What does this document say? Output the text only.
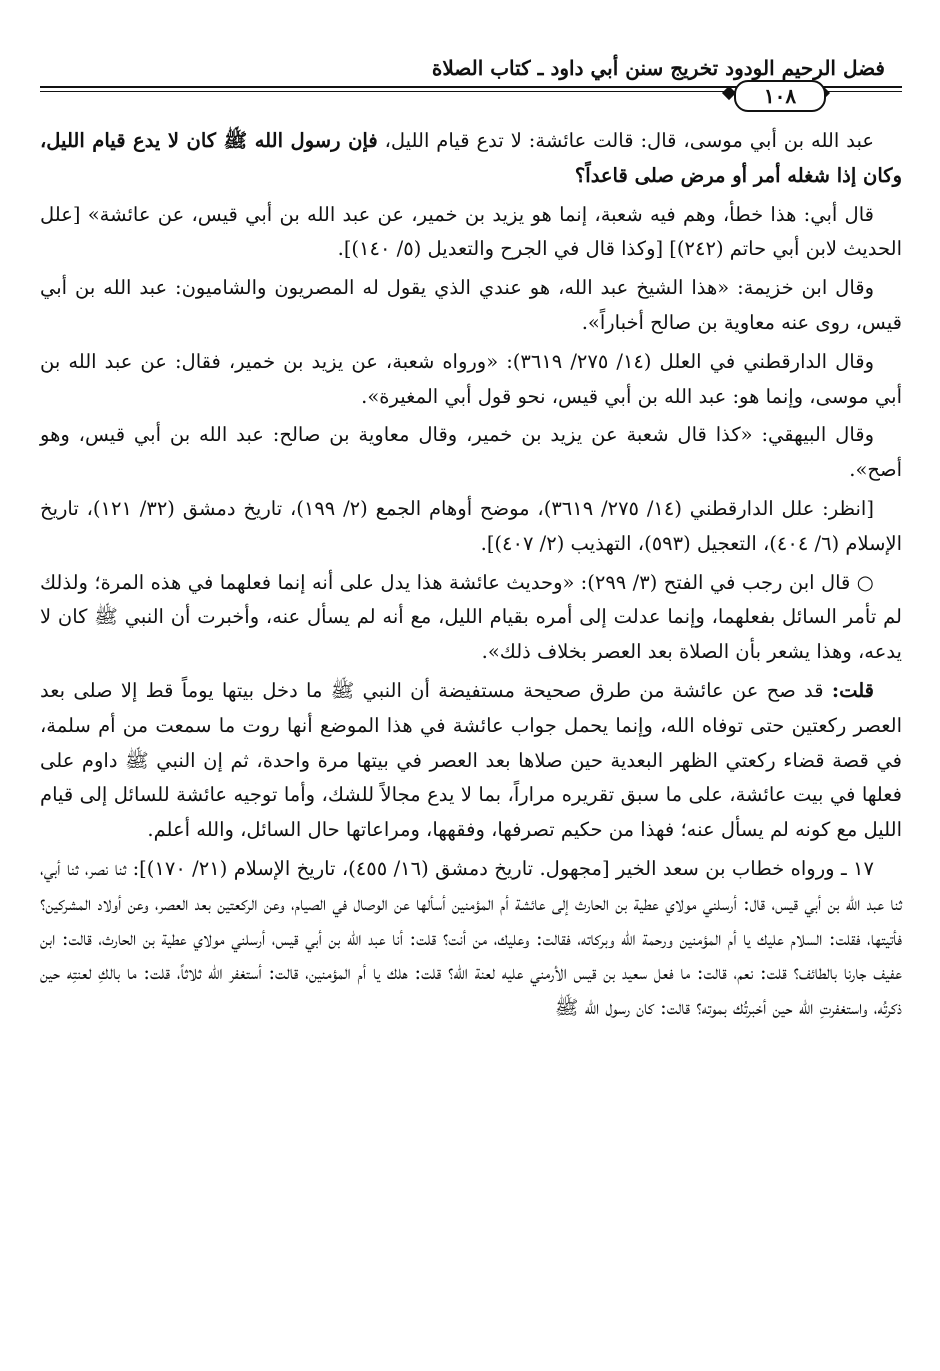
فضل الرحيم الودود تخريج سنن أبي داود ـ كتاب الصلاة
١٠٨

عبد الله بن أبي موسى، قال: قالت عائشة: لا تدع قيام الليل، فإن رسول الله ﷺ كان لا يدع قيام الليل، وكان إذا شغله أمر أو مرض صلى قاعداً؟

قال أبي: هذا خطأ، وهم فيه شعبة، إنما هو يزيد بن خمير، عن عبد الله بن أبي قيس، عن عائشة» [علل الحديث لابن أبي حاتم (٢٤٢)] [وكذا قال في الجرح والتعديل (٥/ ١٤٠)].

وقال ابن خزيمة: «هذا الشيخ عبد الله، هو عندي الذي يقول له المصريون والشاميون: عبد الله بن أبي قيس، روى عنه معاوية بن صالح أخباراً».

وقال الدارقطني في العلل (١٤/ ٢٧٥/ ٣٦١٩): «ورواه شعبة، عن يزيد بن خمير، فقال: عن عبد الله بن أبي موسى، وإنما هو: عبد الله بن أبي قيس، نحو قول أبي المغيرة».

وقال البيهقي: «كذا قال شعبة عن يزيد بن خمير، وقال معاوية بن صالح: عبد الله بن أبي قيس، وهو أصح».

[انظر: علل الدارقطني (١٤/ ٢٧٥/ ٣٦١٩)، موضح أوهام الجمع (٢/ ١٩٩)، تاريخ دمشق (٣٢/ ١٢١)، تاريخ الإسلام (٦/ ٤٠٤)، التعجيل (٥٩٣)، التهذيب (٢/ ٤٠٧)].

○ قال ابن رجب في الفتح (٣/ ٢٩٩): «وحديث عائشة هذا يدل على أنه إنما فعلهما في هذه المرة؛ ولذلك لم تأمر السائل بفعلهما، وإنما عدلت إلى أمره بقيام الليل، مع أنه لم يسأل عنه، وأخبرت أن النبي ﷺ كان لا يدعه، وهذا يشعر بأن الصلاة بعد العصر بخلاف ذلك».

قلت: قد صح عن عائشة من طرق صحيحة مستفيضة أن النبي ﷺ ما دخل بيتها يوماً قط إلا صلى بعد العصر ركعتين حتى توفاه الله، وإنما يحمل جواب عائشة في هذا الموضع أنها روت ما سمعت من أم سلمة، في قصة قضاء ركعتي الظهر البعدية حين صلاها بعد العصر في بيتها مرة واحدة، ثم إن النبي ﷺ داوم على فعلها في بيت عائشة، على ما سبق تقريره مراراً، بما لا يدع مجالاً للشك، وأما توجيه عائشة للسائل إلى قيام الليل مع كونه لم يسأل عنه؛ فهذا من حكيم تصرفها، وفقهها، ومراعاتها حال السائل، والله أعلم.

١٧ ـ ورواه خطاب بن سعد الخير [مجهول. تاريخ دمشق (١٦/ ٤٥٥)، تاريخ الإسلام (٢١/ ١٧٠)]: ثنا نصر، ثنا أبي، ثنا عبد الله بن أبي قيس، قال: أرسلني مولاي عطية بن الحارث إلى عائشة أم المؤمنين أسألها عن الوصال في الصيام، وعن الركعتين بعد العصر، وعن أولاد المشركين؟ فأتيتها، فقلت: السلام عليك يا أم المؤمنين ورحمة الله وبركاته، فقالت: وعليك، من أنت؟ قلت: أنا عبد الله بن أبي قيس، أرسلني مولاي عطية بن الحارث، قالت: ابن عفيف جارنا بالطائف؟ قلت: نعم، قالت: ما فعل سعيد بن قيس الأرمني عليه لعنة الله؟ قلت: هلك يا أم المؤمنين، قالت: أستغفر الله ثلاثاً، قلت: ما بالكِ لعنتِه حين ذكرتُه، واستغفرتِ الله حين أخبرتُك بموته؟ قالت: كان رسول الله ﷺ
